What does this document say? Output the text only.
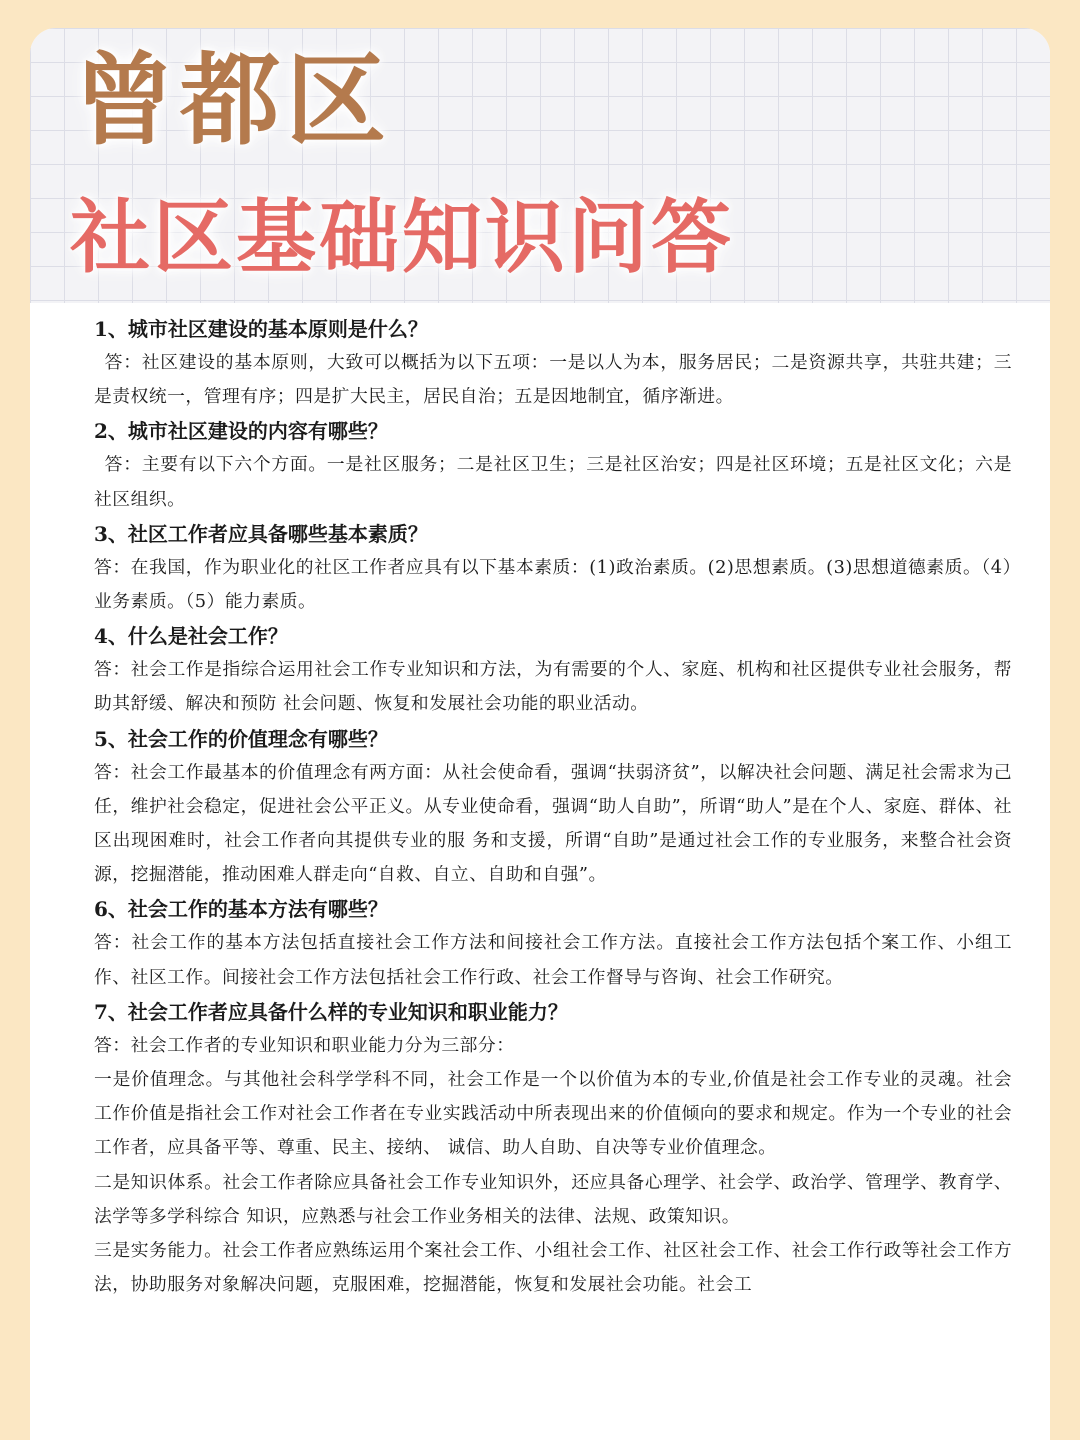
曾都区
社区基础知识问答

1、城市社区建设的基本原则是什么？

答：社区建设的基本原则，大致可以概括为以下五项：一是以人为本，服务居民；二是资源共享，共驻共建；三是责权统一，管理有序；四是扩大民主，居民自治；五是因地制宜，循序渐进。

2、城市社区建设的内容有哪些？

答：主要有以下六个方面。一是社区服务；二是社区卫生；三是社区治安；四是社区环境；五是社区文化；六是社区组织。

3、社区工作者应具备哪些基本素质？

答：在我国，作为职业化的社区工作者应具有以下基本素质：(1)政治素质。(2)思想素质。(3)思想道德素质。（4）业务素质。（5）能力素质。

4、什么是社会工作？

答：社会工作是指综合运用社会工作专业知识和方法，为有需要的个人、家庭、机构和社区提供专业社会服务，帮助其舒缓、解决和预防 社会问题、恢复和发展社会功能的职业活动。

5、社会工作的价值理念有哪些？

答：社会工作最基本的价值理念有两方面：从社会使命看，强调“扶弱济贫”，以解决社会问题、满足社会需求为己任，维护社会稳定，促进社会公平正义。从专业使命看，强调“助人自助”，所谓“助人”是在个人、家庭、群体、社区出现困难时，社会工作者向其提供专业的服 务和支援，所谓“自助”是通过社会工作的专业服务，来整合社会资源，挖掘潜能，推动困难人群走向“自救、自立、自助和自强”。

6、社会工作的基本方法有哪些？

答：社会工作的基本方法包括直接社会工作方法和间接社会工作方法。直接社会工作方法包括个案工作、小组工作、社区工作。间接社会工作方法包括社会工作行政、社会工作督导与咨询、社会工作研究。

7、社会工作者应具备什么样的专业知识和职业能力？

答：社会工作者的专业知识和职业能力分为三部分：

一是价值理念。与其他社会科学学科不同，社会工作是一个以价值为本的专业,价值是社会工作专业的灵魂。社会工作价值是指社会工作对社会工作者在专业实践活动中所表现出来的价值倾向的要求和规定。作为一个专业的社会工作者，应具备平等、尊重、民主、接纳、 诚信、助人自助、自决等专业价值理念。

二是知识体系。社会工作者除应具备社会工作专业知识外，还应具备心理学、社会学、政治学、管理学、教育学、法学等多学科综合 知识，应熟悉与社会工作业务相关的法律、法规、政策知识。

三是实务能力。社会工作者应熟练运用个案社会工作、小组社会工作、社区社会工作、社会工作行政等社会工作方法，协助服务对象解决问题，克服困难，挖掘潜能，恢复和发展社会功能。社会工
